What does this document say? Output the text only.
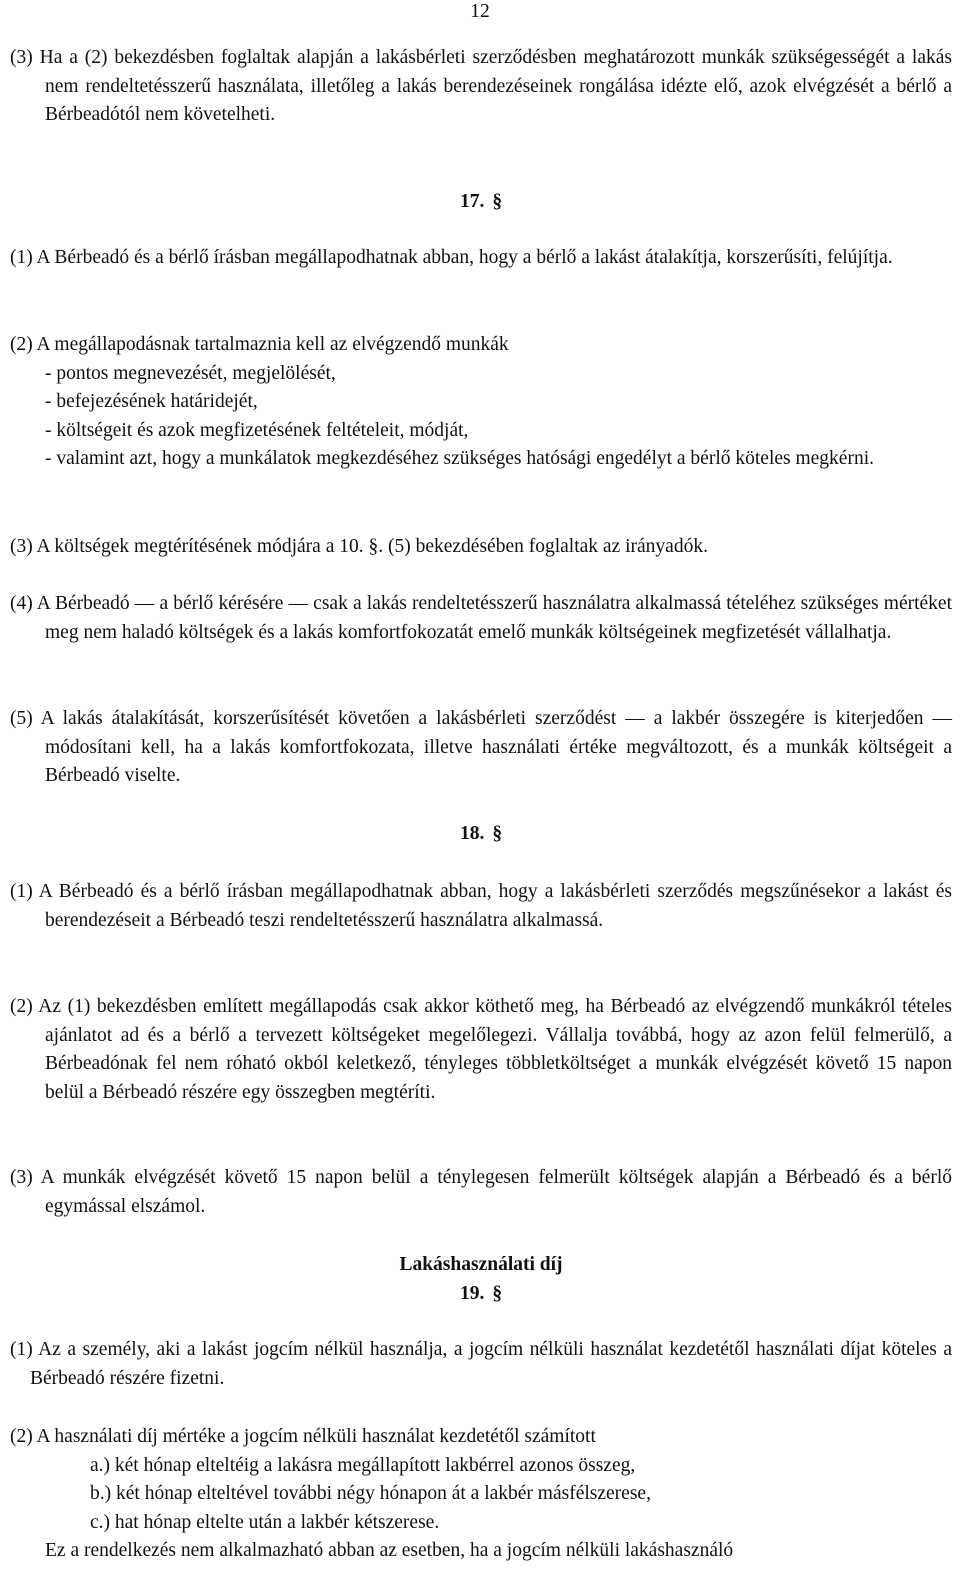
12

(3) Ha a (2) bekezdésben foglaltak alapján a lakásbérleti szerződésben meghatározott munkák szükségességét a lakás nem rendeltetésszerű használata, illetőleg a lakás berendezéseinek rongálása idézte elő, azok elvégzését a bérlő a Bérbeadótól nem követelheti.

17. §

(1) A Bérbeadó és a bérlő írásban megállapodhatnak abban, hogy a bérlő a lakást átalakítja, korszerűsíti, felújítja.

(2) A megállapodásnak tartalmaznia kell az elvégzendő munkák

- pontos megnevezését, megjelölését,
- befejezésének határidejét,
- költségeit és azok megfizetésének feltételeit, módját,
- valamint azt, hogy a munkálatok megkezdéséhez szükséges hatósági engedélyt a bérlő köteles megkérni.

(3) A költségek megtérítésének módjára a 10. §. (5) bekezdésében foglaltak az irányadók.

(4) A Bérbeadó — a bérlő kérésére — csak a lakás rendeltetésszerű használatra alkalmassá tételéhez szükséges mértéket meg nem haladó költségek és a lakás komfortfokozatát emelő munkák költségeinek megfizetését vállalhatja.

(5) A lakás átalakítását, korszerűsítését követően a lakásbérleti szerződést — a lakbér összegére is kiterjedően — módosítani kell, ha a lakás komfortfokozata, illetve használati értéke megváltozott, és a munkák költségeit a Bérbeadó viselte.

18. §

(1) A Bérbeadó és a bérlő írásban megállapodhatnak abban, hogy a lakásbérleti szerződés megszűnésekor a lakást és berendezéseit a Bérbeadó teszi rendeltetésszerű használatra alkalmassá.

(2) Az (1) bekezdésben említett megállapodás csak akkor köthető meg, ha Bérbeadó az elvégzendő munkákról tételes ajánlatot ad és a bérlő a tervezett költségeket megelőlegezi. Vállalja továbbá, hogy az azon felül felmerülő, a Bérbeadónak fel nem róható okból keletkező, tényleges többletköltséget a munkák elvégzését követő 15 napon belül a Bérbeadó részére egy összegben megtéríti.

(3) A munkák elvégzését követő 15 napon belül a ténylegesen felmerült költségek alapján a Bérbeadó és a bérlő egymással elszámol.

Lakáshasználati díj

19. §

(1) Az a személy, aki a lakást jogcím nélkül használja, a jogcím nélküli használat kezdetétől használati díjat köteles a Bérbeadó részére fizetni.

(2) A használati díj mértéke a jogcím nélküli használat kezdetétől számított

a.) két hónap elteltéig a lakásra megállapított lakbérrel azonos összeg,
b.) két hónap elteltével további négy hónapon át a lakbér másfélszerese,
c.) hat hónap eltelte után a lakbér kétszerese.

Ez a rendelkezés nem alkalmazható abban az esetben, ha a jogcím nélküli lakáshasználó
